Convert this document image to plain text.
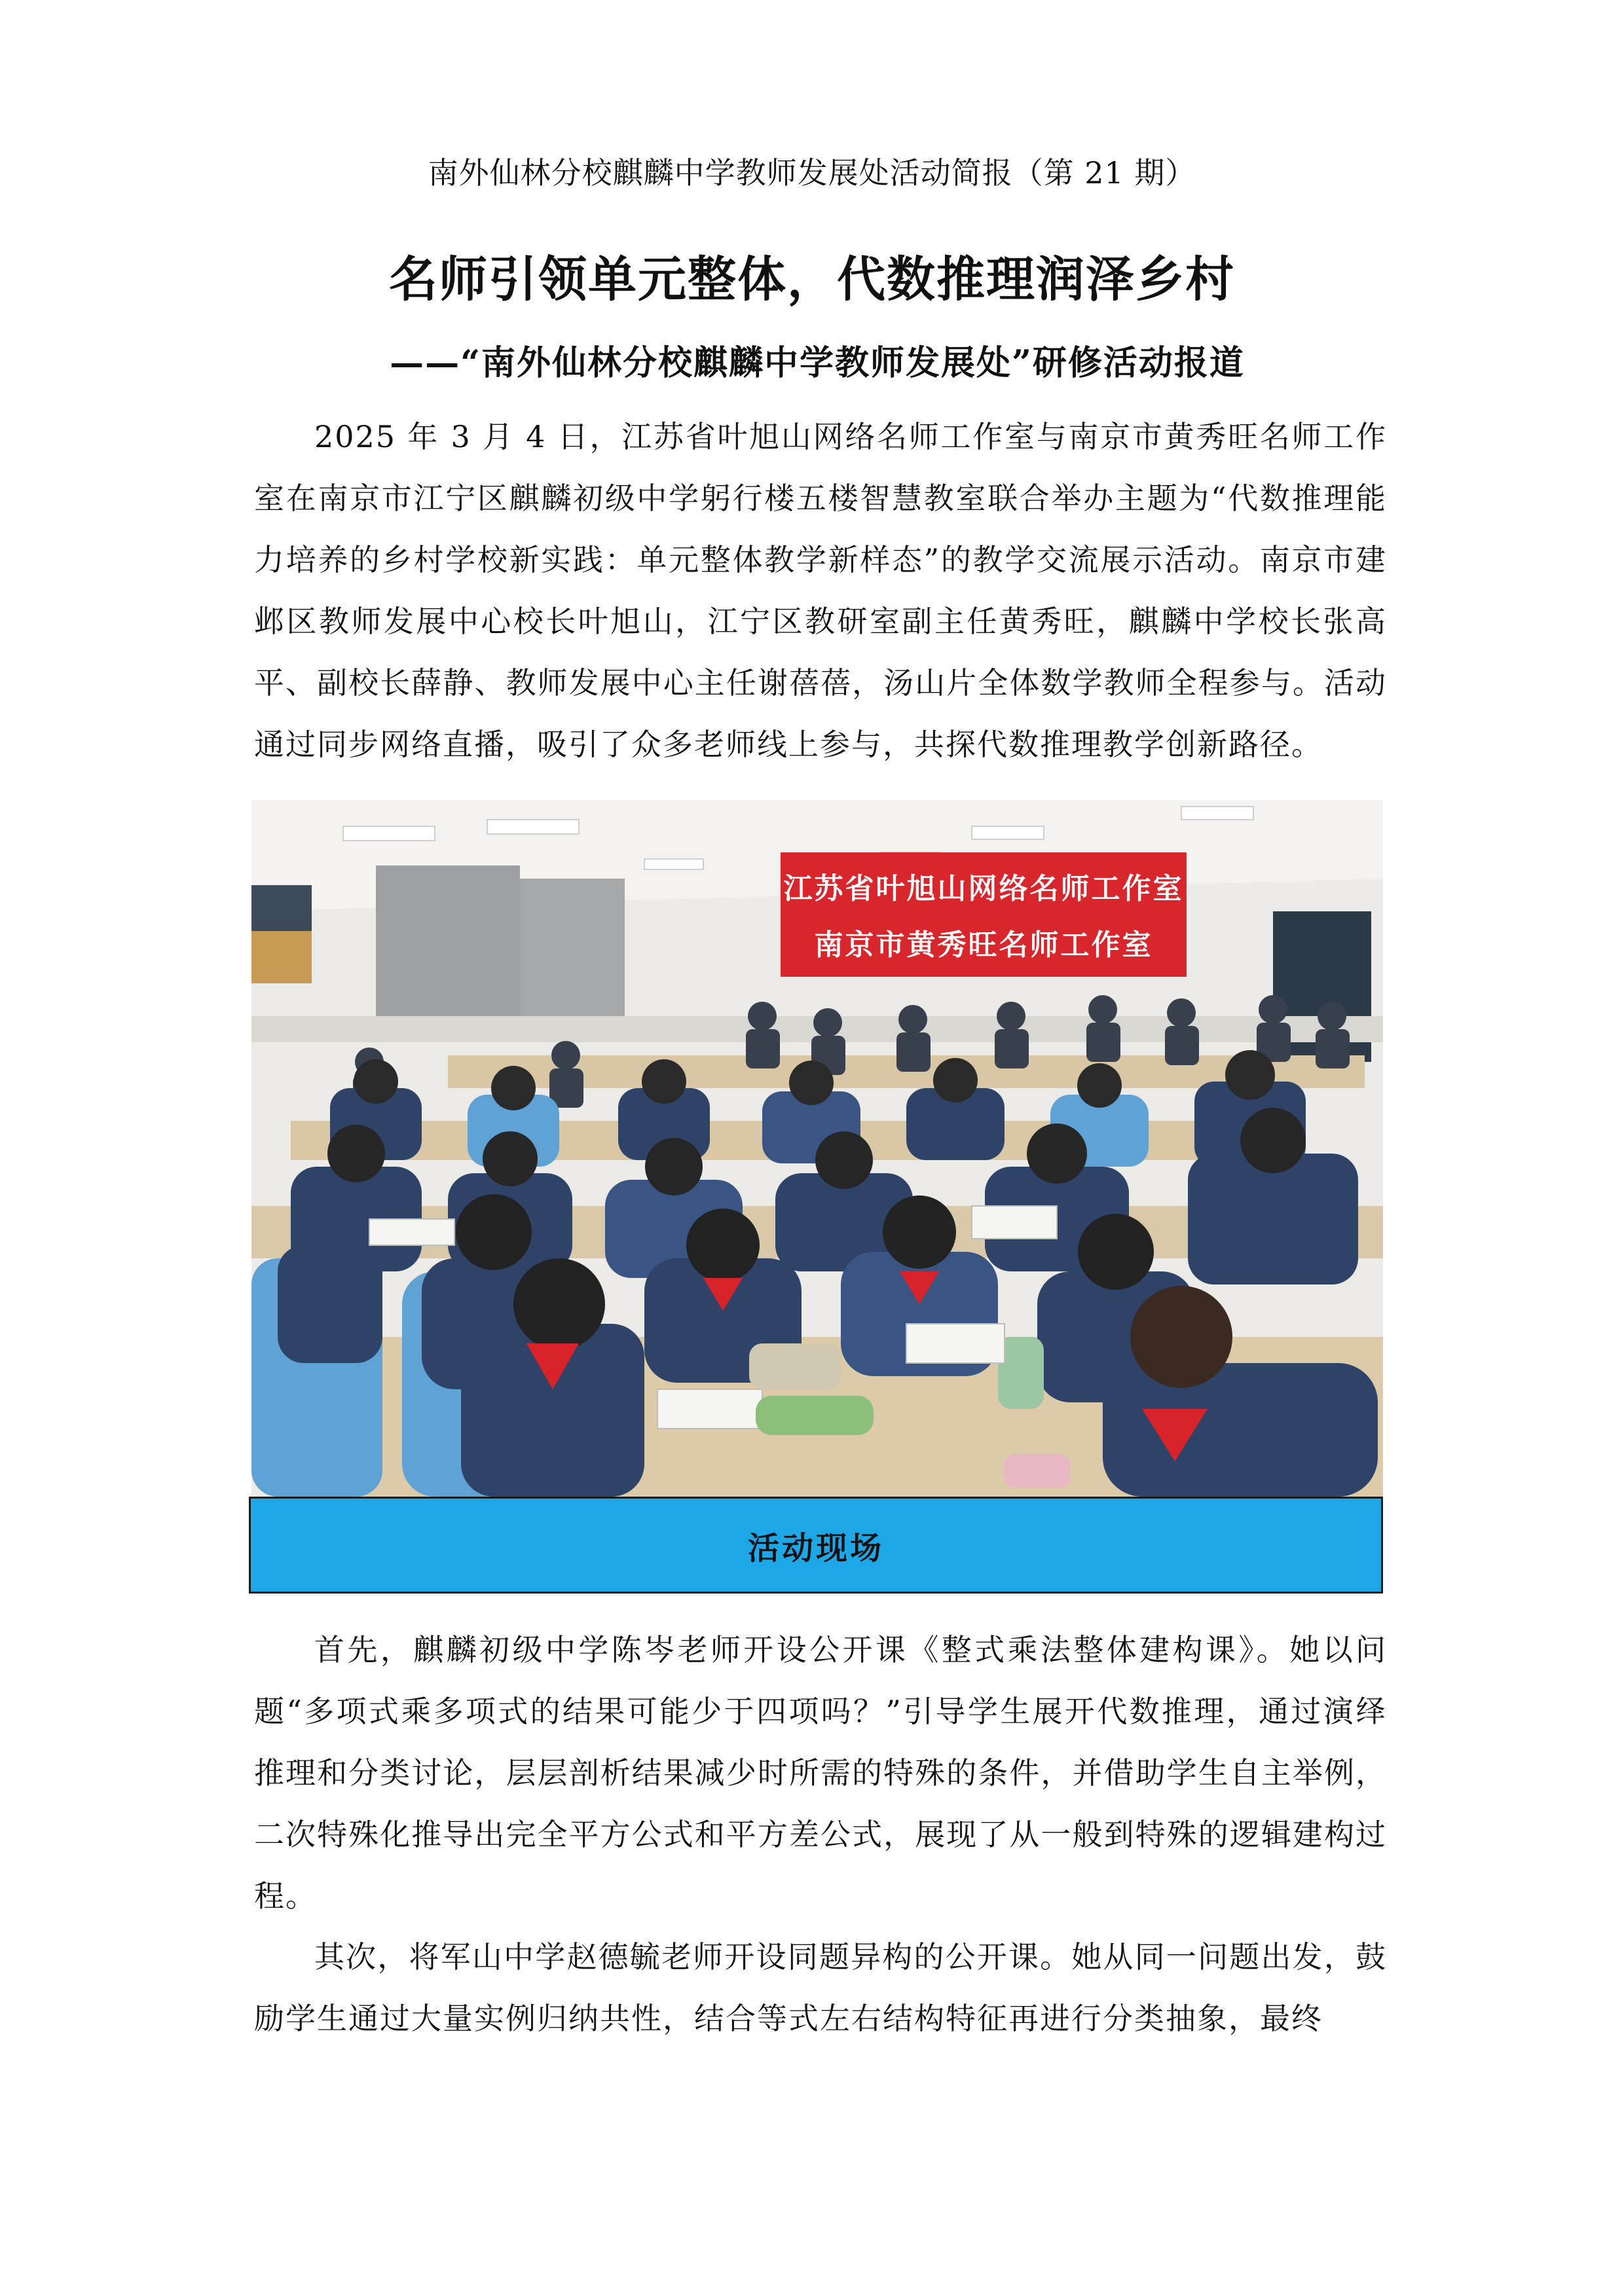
南外仙林分校麒麟中学教师发展处活动简报（第 21 期）
名师引领单元整体，代数推理润泽乡村
——“南外仙林分校麒麟中学教师发展处”研修活动报道

2025 年 3 月 4 日，江苏省叶旭山网络名师工作室与南京市黄秀旺名师工作室在南京市江宁区麒麟初级中学躬行楼五楼智慧教室联合举办主题为“代数推理能力培养的乡村学校新实践：单元整体教学新样态”的教学交流展示活动。南京市建邺区教师发展中心校长叶旭山，江宁区教研室副主任黄秀旺，麒麟中学校长张高平、副校长薛静、教师发展中心主任谢蓓蓓，汤山片全体数学教师全程参与。活动通过同步网络直播，吸引了众多老师线上参与，共探代数推理教学创新路径。

江苏省叶旭山网络名师工作室
南京市黄秀旺名师工作室
活动现场

首先，麒麟初级中学陈岑老师开设公开课《整式乘法整体建构课》。她以问题“多项式乘多项式的结果可能少于四项吗？”引导学生展开代数推理，通过演绎推理和分类讨论，层层剖析结果减少时所需的特殊的条件，并借助学生自主举例，二次特殊化推导出完全平方公式和平方差公式，展现了从一般到特殊的逻辑建构过程。

其次，将军山中学赵德毓老师开设同题异构的公开课。她从同一问题出发，鼓励学生通过大量实例归纳共性，结合等式左右结构特征再进行分类抽象，最终
